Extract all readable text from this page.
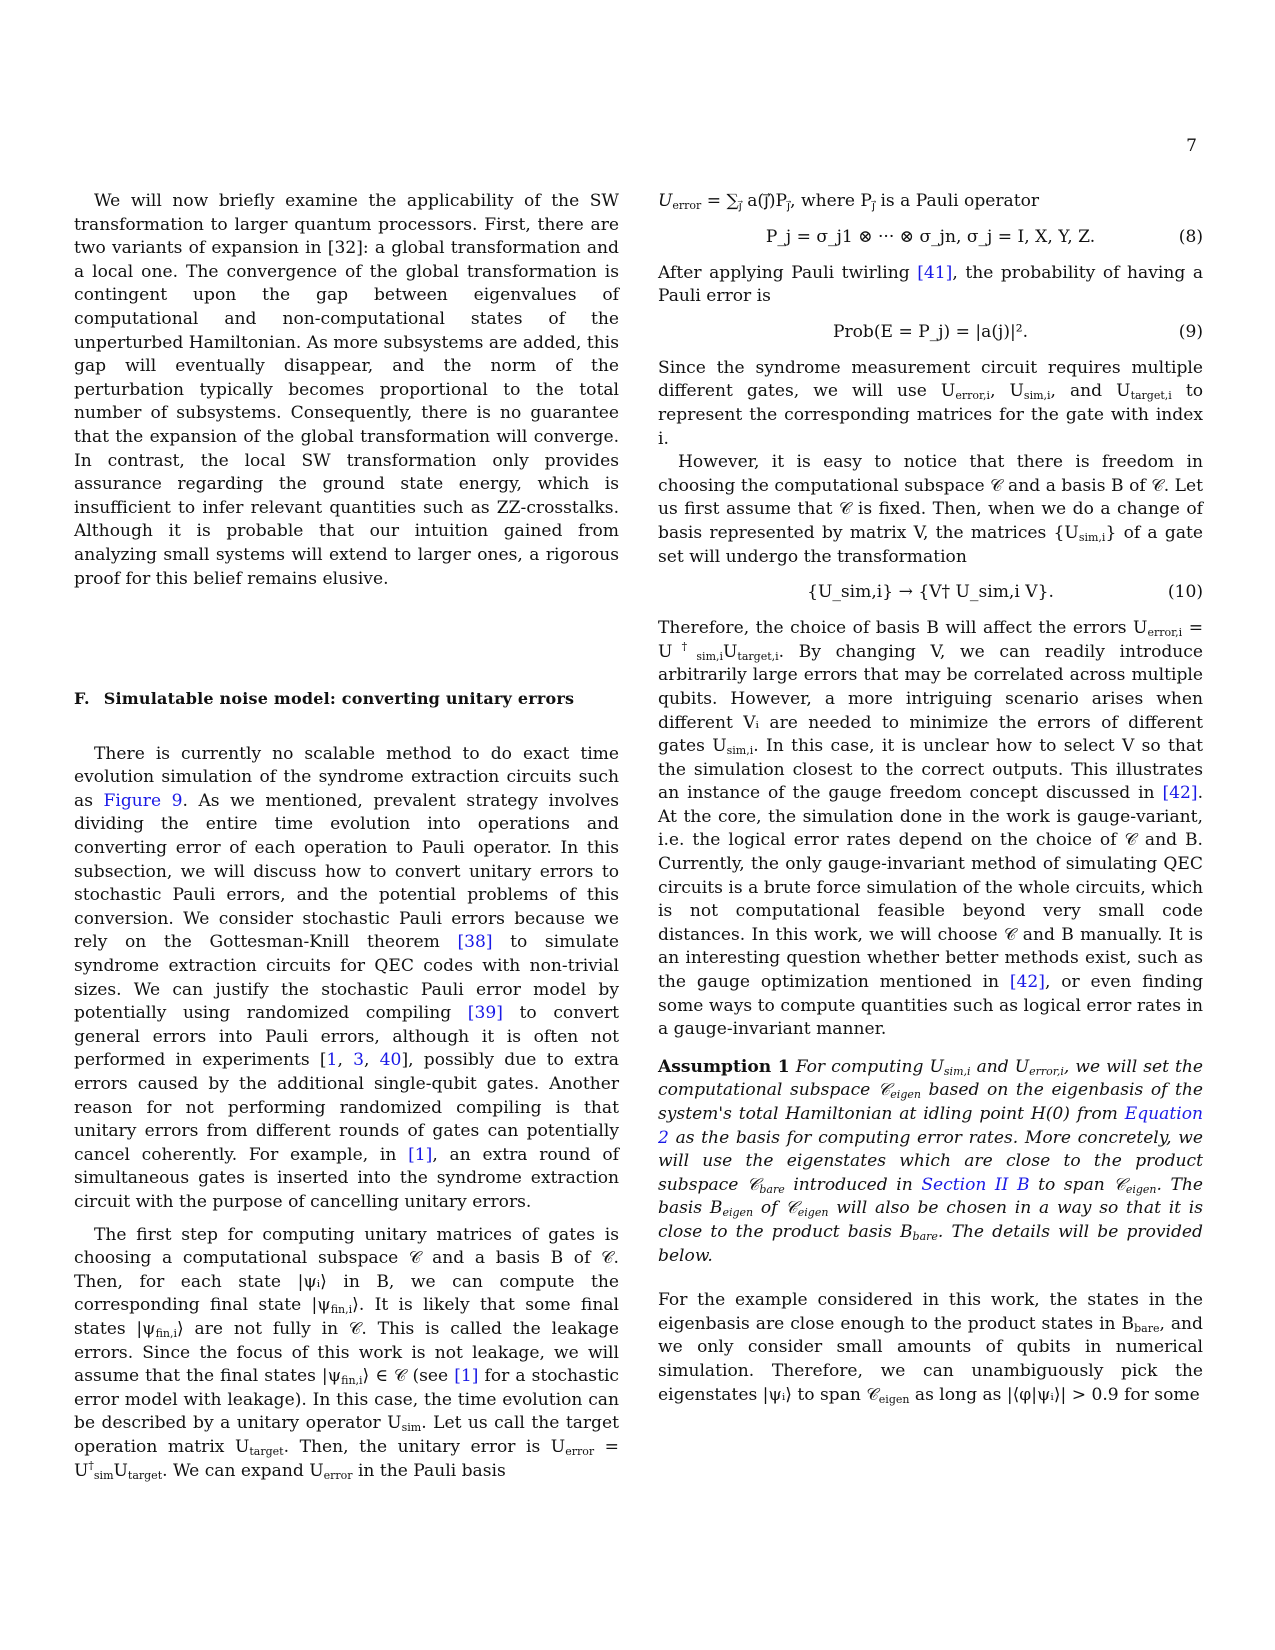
7

We will now briefly examine the applicability of the SW transformation to larger quantum processors. First, there are two variants of expansion in [32]: a global transformation and a local one. The convergence of the global transformation is contingent upon the gap between eigenvalues of computational and non-computational states of the unperturbed Hamiltonian. As more subsystems are added, this gap will eventually disappear, and the norm of the perturbation typically becomes proportional to the total number of subsystems. Consequently, there is no guarantee that the expansion of the global transformation will converge. In contrast, the local SW transformation only provides assurance regarding the ground state energy, which is insufficient to infer relevant quantities such as ZZ-crosstalks. Although it is probable that our intuition gained from analyzing small systems will extend to larger ones, a rigorous proof for this belief remains elusive.

F. Simulatable noise model: converting unitary errors

There is currently no scalable method to do exact time evolution simulation of the syndrome extraction circuits such as Figure 9. As we mentioned, prevalent strategy involves dividing the entire time evolution into operations and converting error of each operation to Pauli operator. In this subsection, we will discuss how to convert unitary errors to stochastic Pauli errors, and the potential problems of this conversion. We consider stochastic Pauli errors because we rely on the Gottesman-Knill theorem [38] to simulate syndrome extraction circuits for QEC codes with non-trivial sizes. We can justify the stochastic Pauli error model by potentially using randomized compiling [39] to convert general errors into Pauli errors, although it is often not performed in experiments [1, 3, 40], possibly due to extra errors caused by the additional single-qubit gates. Another reason for not performing randomized compiling is that unitary errors from different rounds of gates can potentially cancel coherently. For example, in [1], an extra round of simultaneous gates is inserted into the syndrome extraction circuit with the purpose of cancelling unitary errors.

The first step for computing unitary matrices of gates is choosing a computational subspace 𝒞 and a basis B of 𝒞. Then, for each state |ψᵢ⟩ in B, we can compute the corresponding final state $|\psi_{fin,i}⟩$. It is likely that some final states $|\psi_{fin,i}⟩$ are not fully in 𝒞. This is called the leakage errors. Since the focus of this work is not leakage, we will assume that the final states $|\psi_{fin,i}⟩$ ∈ 𝒞 (see [1] for a stochastic error model with leakage). In this case, the time evolution can be described by a unitary operator $U_{sim}$. Let us call the target operation matrix $U_{target}$. Then, the unitary error is $U_{error} = U^\dagger_{sim}U_{target}$. We can expand $U_{error}$ in the Pauli basis

$U_{error} = \sum_{j⃗}$ $a(j⃗)P_{j⃗}$, where $P_{j⃗}$ is a Pauli operator

P_j = σ_j1 ⊗ ··· ⊗ σ_jn, σ_j = I, X, Y, Z.	(8)

After applying Pauli twirling [41], the probability of having a Pauli error is

Prob(E = P_j) = |a(j)|².	(9)

Since the syndrome measurement circuit requires multiple different gates, we will use $U_{error,i}$, $U_{sim,i}$, and $U_{target,i}$ to represent the corresponding matrices for the gate with index i.

However, it is easy to notice that there is freedom in choosing the computational subspace 𝒞 and a basis B of 𝒞. Let us first assume that 𝒞 is fixed. Then, when we do a change of basis represented by matrix V, the matrices $\{U_{sim,i}\}$ of a gate set will undergo the transformation

{U_sim,i} → {V† U_sim,i V}.	(10)

Therefore, the choice of basis B will affect the errors $U_{error,i} = U^\dagger_{sim,i}U_{target,i}$. By changing V, we can readily introduce arbitrarily large errors that may be correlated across multiple qubits. However, a more intriguing scenario arises when different Vᵢ are needed to minimize the errors of different gates $U_{sim,i}$. In this case, it is unclear how to select V so that the simulation closest to the correct outputs. This illustrates an instance of the gauge freedom concept discussed in [42]. At the core, the simulation done in the work is gauge-variant, i.e. the logical error rates depend on the choice of 𝒞 and B. Currently, the only gauge-invariant method of simulating QEC circuits is a brute force simulation of the whole circuits, which is not computational feasible beyond very small code distances. In this work, we will choose 𝒞 and B manually. It is an interesting question whether better methods exist, such as the gauge optimization mentioned in [42], or even finding some ways to compute quantities such as logical error rates in a gauge-invariant manner.

Assumption 1 For computing $U_{sim,i}$ and $U_{error,i}$, we will set the computational subspace 𝒞$_{eigen}$ based on the eigenbasis of the system's total Hamiltonian at idling point H(0) from Equation 2 as the basis for computing error rates. More concretely, we will use the eigenstates which are close to the product subspace 𝒞$_{bare}$ introduced in Section II B to span 𝒞$_{eigen}$. The basis $B_{eigen}$ of 𝒞$_{eigen}$ will also be chosen in a way so that it is close to the product basis $B_{bare}$. The details will be provided below.

For the example considered in this work, the states in the eigenbasis are close enough to the product states in $B_{bare}$, and we only consider small amounts of qubits in numerical simulation. Therefore, we can unambiguously pick the eigenstates |ψᵢ⟩ to span 𝒞$_{eigen}$ as long as |⟨φ|ψᵢ⟩| > 0.9 for some
